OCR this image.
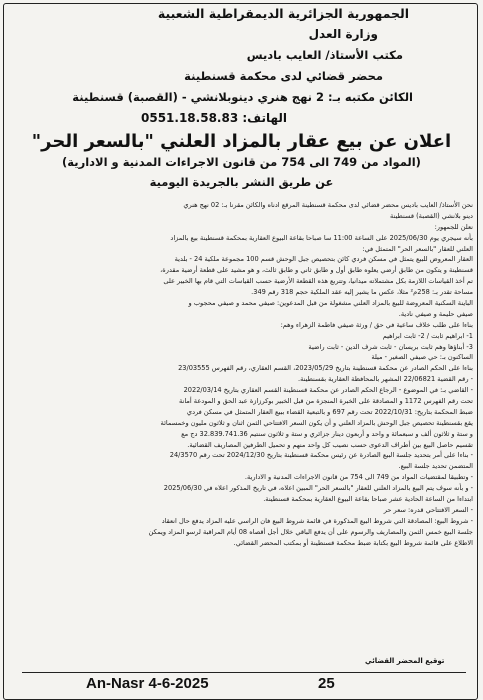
الجمهورية الجزائرية الديمقراطية الشعبية
وزارة العدل
مكتب الأستاذ/ العايب باديس
محضر قضائي لدى محكمة قسنطينة
الكائن مكتبه بـ: 2 نهج هنري دينوبلانشي - (القصبة) قسنطينة
الهاتف: 0551.18.58.83
اعلان عن بيع عقار بالمزاد العلني "بالسعر الحر"
(المواد من 749 الى 754 من قانون الاجراءات المدنية و الادارية)
عن طريق النشر بالجريدة اليومية
نحن الأستاذ/ العايب باديس محضر قضائي لدى محكمة قسنطينة المرقع ادناه والكائن مقرنا بـ: 02 نهج هنري
دينو بلانشي (القصبة) قسنطينة
نعلن للجمهور:
بأنه سيجري يوم 2025/06/30 على الساعة 11:00 سا صباحا بقاعة البيوع العقارية بمحكمة قسنطينة بيع بالمزاد
العلني للعقار "بالسعر الحر" المتمثل في:
العقار المعروض للبيع يتمثل في مسكن فردي كائن بتحصيص جبل الوحش قسم 100 مجموعة ملكية 24 - بلدية
قسنطينة و يتكون من طابق أرضي يعلوه طابق أول و طابق ثاني و طابق ثالث، و هو مشيد على قطعة أرضية مقدرة،
تم أخذ القياسات اللازمة بكل مشتملاته ميدانيا، وتتربع هذه القطعة الأرضية حسب القياسات التي قام بها الخبير على
مساحة تقدر بـ: 258م² مثلا، عكس ما يشير إليه عقد الملكية حجم 318 رقم 349.
الباينة السكنية المعروضة للبيع بالمزاد العلني مشغولة من قبل المدعوين: صيفي محمد و صيفي محجوب و
صيفي حليمة و صيفي نادية.
بناءا على طلب خلاف ساعية في حق / ورثة صيفي فاطمة الزهراء وهم:
1- ابراهيم ثابت / 2- ثابت ابراهيم
3- أبناؤها وهم ثابت بريسان - ثابت شرف الدين - ثابت راضية
الساكنون بـ: حي صيفي الصغير - ميلة
بناءا على الحكم الصادر عن محكمة قسنطينة بتاريخ 2023/05/29، القسم العقاري، رقم الفهرس 23/03555
- رقم القضية 22/06821 المشهر بالمحافظة العقارية بقسنطينة.
- القاضي بـ: في الموضوع - الرجاع الحكم الصادر عن محكمة قسنطينة القسم العقاري بتاريخ 2022/03/14
تحت رقم الفهرس 1172 و المصادقة على الخبرة المنجزة من قبل الخبير بوكرزازة عبد الحق و المودعة أمانة
ضبط المحكمة بتاريخ: 2022/10/31 تحت رقم 697 و بالتبعية القضاء ببيع العقار المتمثل في مسكن فردي
يقع بقسنطينة تحصيص جبل الوحش بالمزاد العلني و أن يكون السعر الافتتاحي الثمن اثنان و ثلاثون مليون وخمسمائة
و ستة و ثلاثون ألف و سبعمائة و واحد و أربعون دينار جزائري و ستة و ثلاثون سنتيم 32.839.741.36 دج مع
تقسيم حاصل البيع بين أطراف الدعوى حسب نصيب كل واحد منهم و تحميل الطرفين المصاريف القضائية.
- بناءا على أمر بتحديد جلسة البيع الصادرة عن رئيس محكمة قسنطينة بتاريخ 2024/12/30 تحت رقم 24/3570
المتضمن تحديد جلسة البيع.
- وتطبيقا لمقتضيات المواد من 749 الى 754 من قانون الاجراءات المدنية و الادارية.
- و بأنه سوف يتم البيع بالمزاد العلني للعقار "بالسعر الحر" المبين اعلاه، في تاريخ المذكور اعلاه في 2025/06/30
ابتداءا من الساعة الحادية عشر صباحا بقاعة البيوع العقارية بمحكمة قسنطينة.
- السعر الافتتاحي قدره: سعر حر
- شروط البيع: المصادقة التي شروط البيع المذكورة في قائمة شروط البيع فان الراسي عليه المزاد يدفع حال انعقاد
جلسة البيع خمس الثمن والمصاريف والرسوم على أن يدفع الباقي خلال أجل أقصاه 08 أيام المراقبة لرسو المزاد ويمكن
الاطلاع على قائمة شروط البيع بكتابة ضبط محكمة قسنطينة أو بمكتب المحضر القضائي.
توقيع المحضر القضائي
An-Nasr 4-6-2025	25
